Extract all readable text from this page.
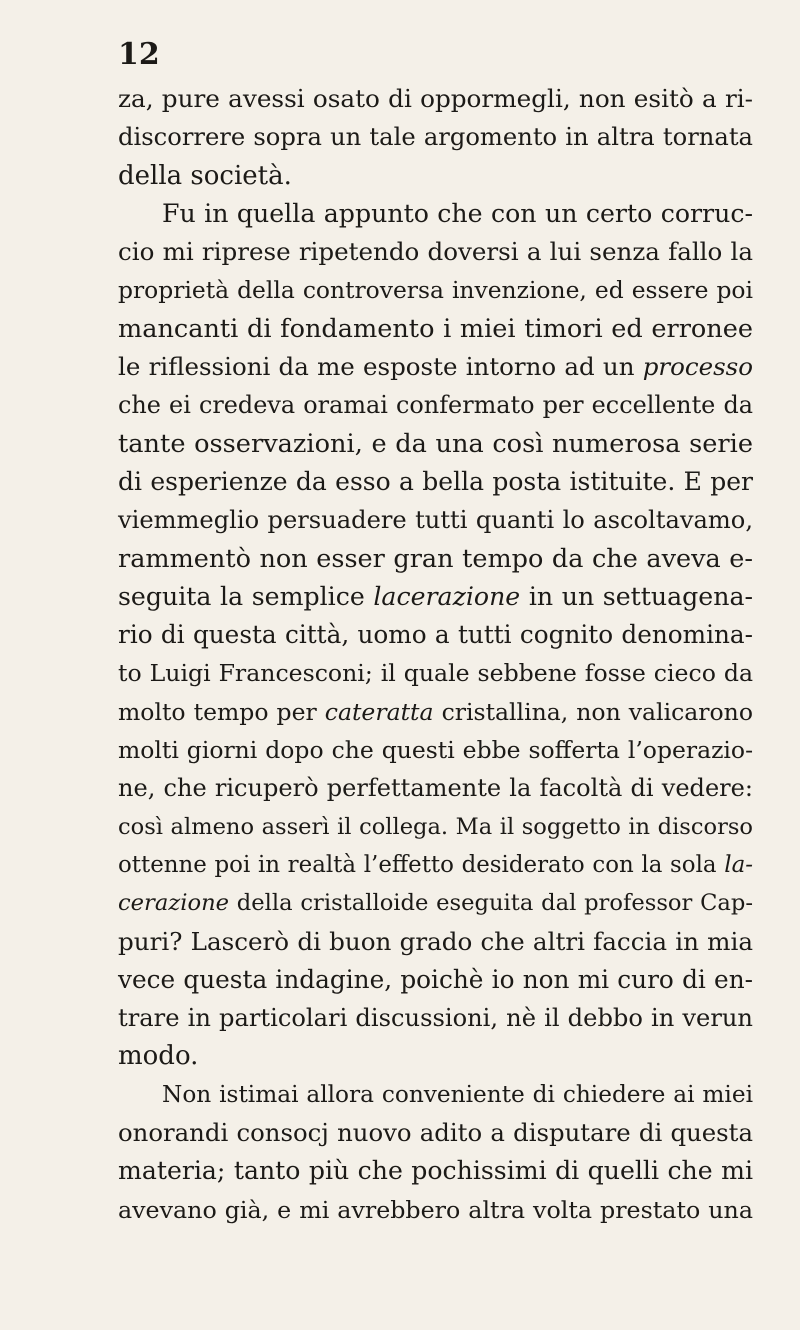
12
za, pure avessi osato di oppormegli, non esitò a ri-
discorrere sopra un tale argomento in altra tornata
della società.
Fu in quella appunto che con un certo corruc-
cio mi riprese ripetendo doversi a lui senza fallo la
proprietà della controversa invenzione, ed essere poi
mancanti di fondamento i miei timori ed erronee
le riflessioni da me esposte intorno ad un processo
che ei credeva oramai confermato per eccellente da
tante osservazioni, e da una così numerosa serie
di esperienze da esso a bella posta istituite. E per
viemmeglio persuadere tutti quanti lo ascoltavamo,
rammentò non esser gran tempo da che aveva e-
seguita la semplice lacerazione in un settuagena-
rio di questa città, uomo a tutti cognito denomina-
to Luigi Francesconi; il quale sebbene fosse cieco da
molto tempo per cateratta cristallina, non valicarono
molti giorni dopo che questi ebbe sofferta l’operazio-
ne, che ricuperò perfettamente la facoltà di vedere:
così almeno asserì il collega. Ma il soggetto in discorso
ottenne poi in realtà l’effetto desiderato con la sola la-
cerazione della cristalloide eseguita dal professor Cap-
puri? Lascerò di buon grado che altri faccia in mia
vece questa indagine, poichè io non mi curo di en-
trare in particolari discussioni, nè il debbo in verun
modo.
Non istimai allora conveniente di chiedere ai miei
onorandi consocj nuovo adito a disputare di questa
materia; tanto più che pochissimi di quelli che mi
avevano già, e mi avrebbero altra volta prestato una
